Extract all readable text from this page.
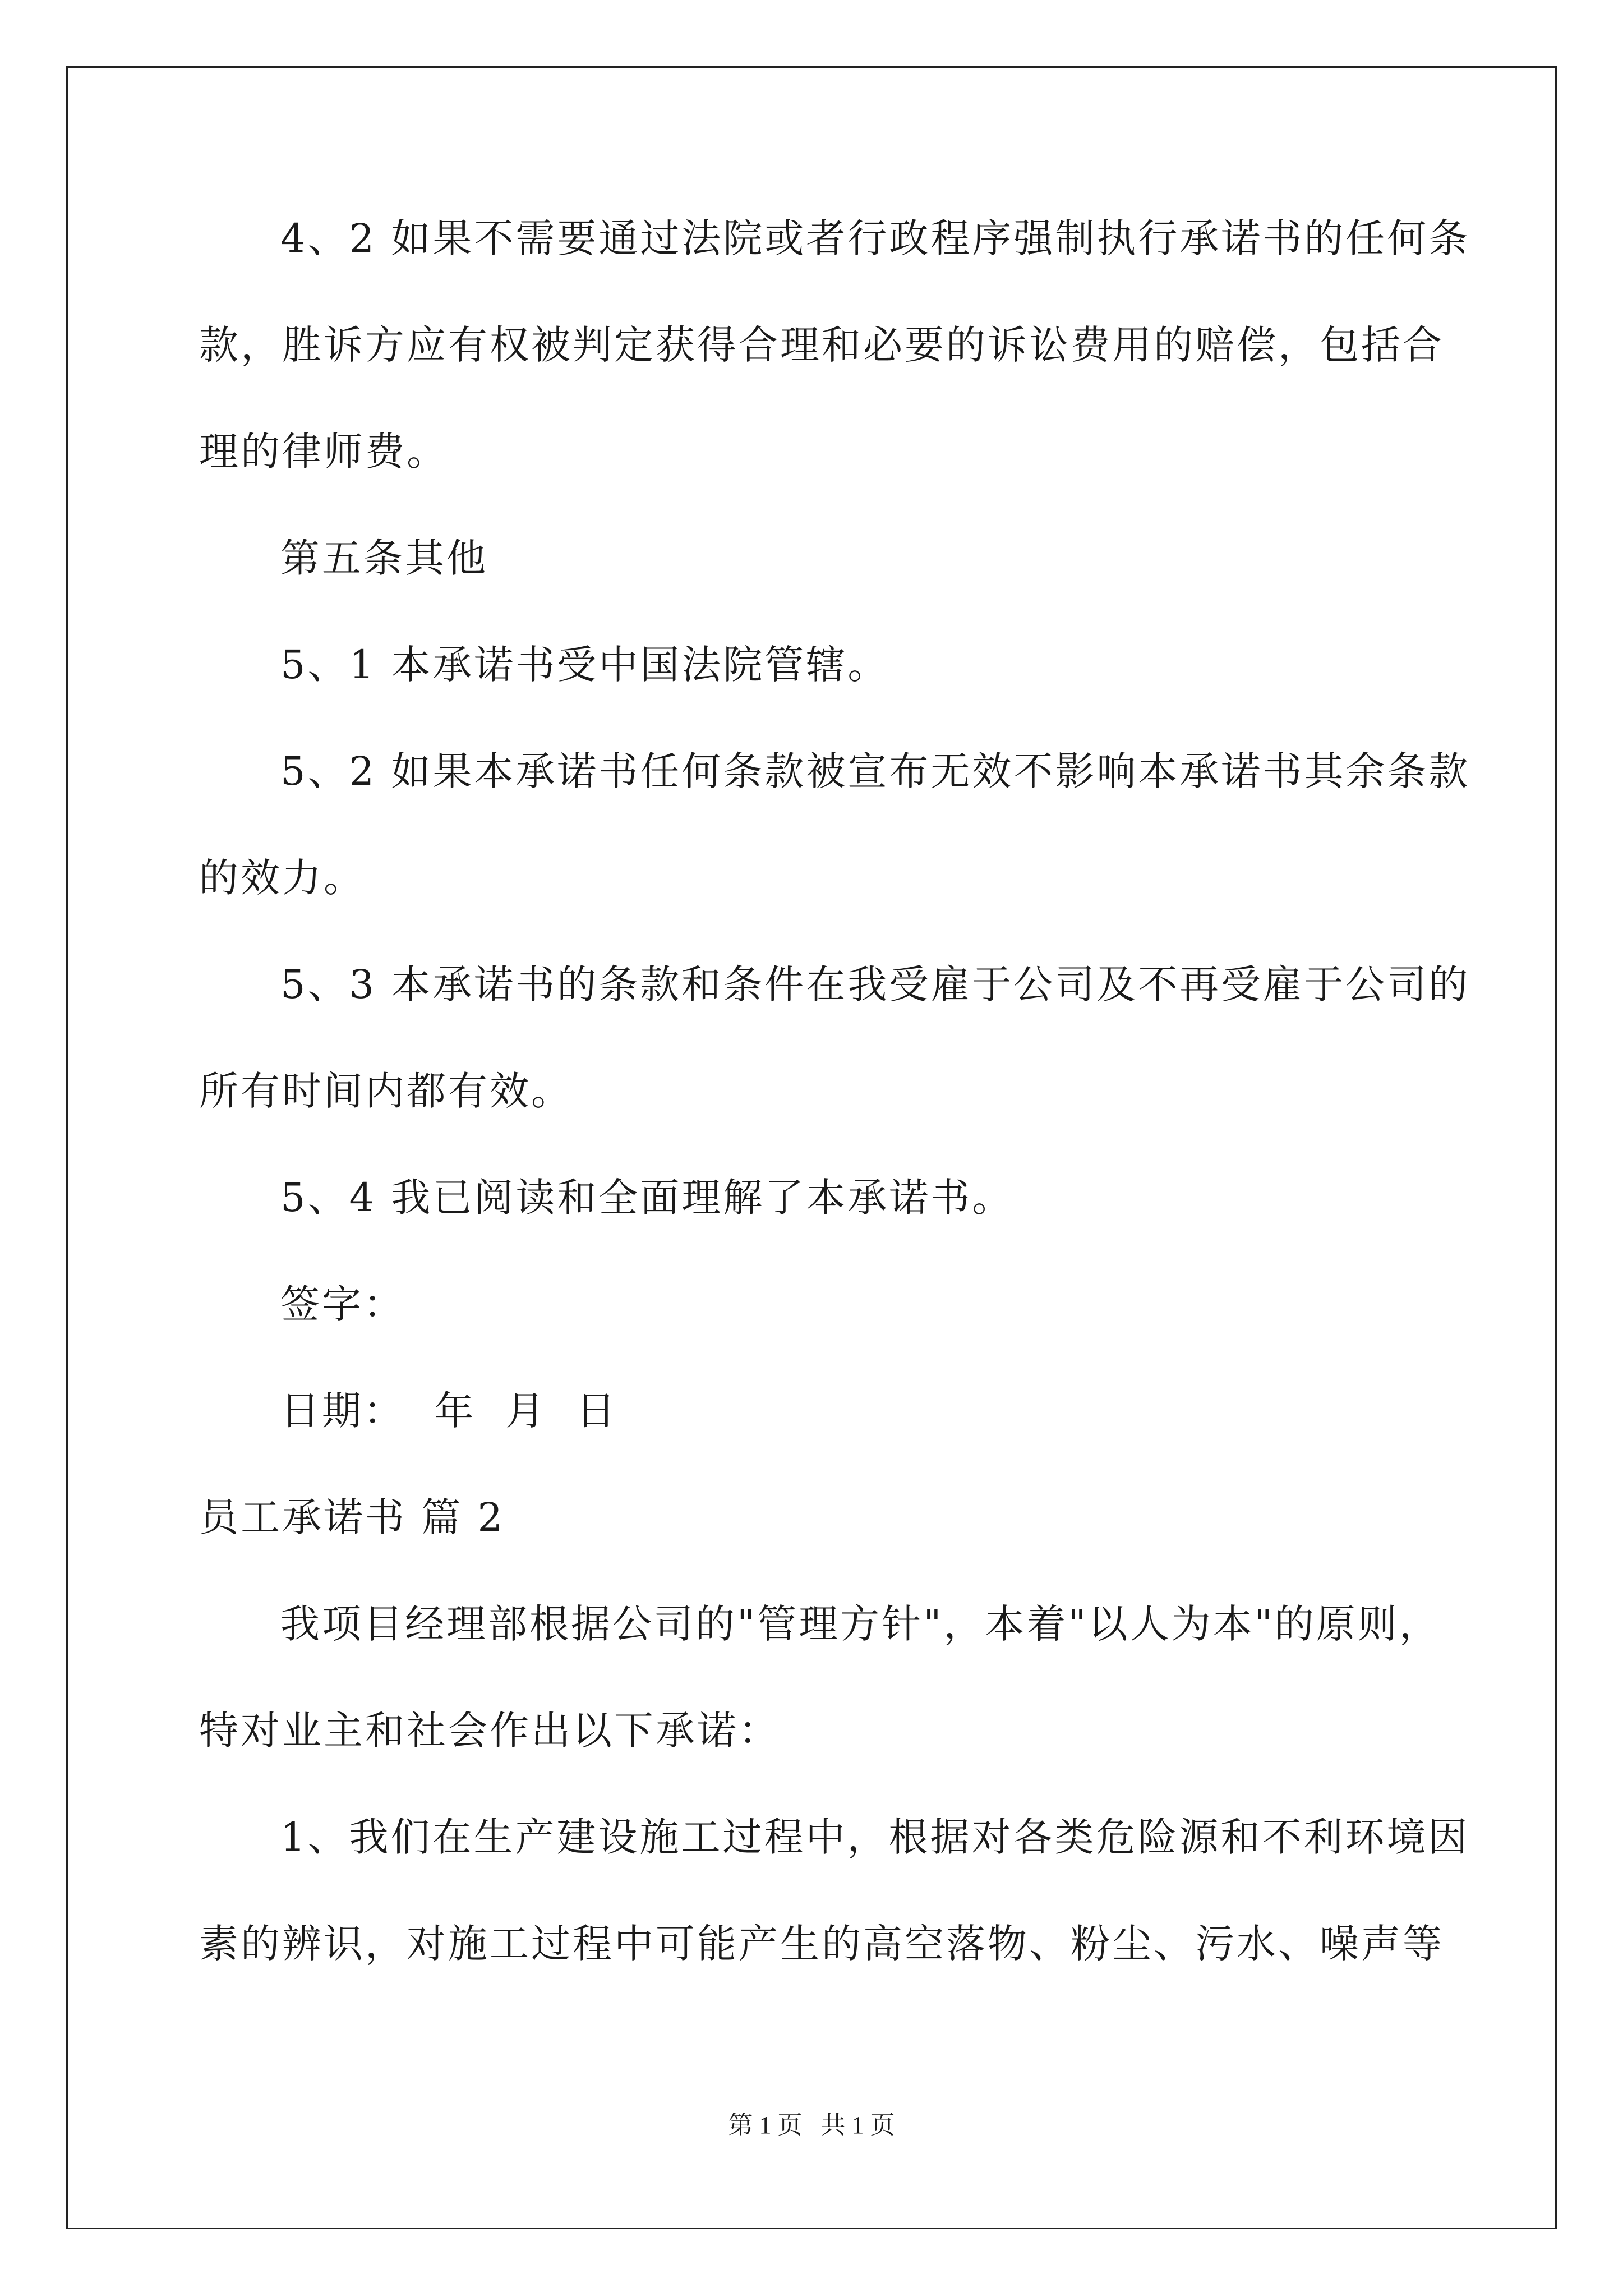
4、2 如果不需要通过法院或者行政程序强制执行承诺书的任何条
款，胜诉方应有权被判定获得合理和必要的诉讼费用的赔偿，包括合
理的律师费。
第五条其他
5、1 本承诺书受中国法院管辖。
5、2 如果本承诺书任何条款被宣布无效不影响本承诺书其余条款
的效力。
5、3 本承诺书的条款和条件在我受雇于公司及不再受雇于公司的
所有时间内都有效。
5、4 我已阅读和全面理解了本承诺书。
签字：
日期：  年  月  日
员工承诺书 篇 2
我项目经理部根据公司的"管理方针"，本着"以人为本"的原则，
特对业主和社会作出以下承诺：
1、我们在生产建设施工过程中，根据对各类危险源和不利环境因
素的辨识，对施工过程中可能产生的高空落物、粉尘、污水、噪声等
第 1 页   共 1 页
